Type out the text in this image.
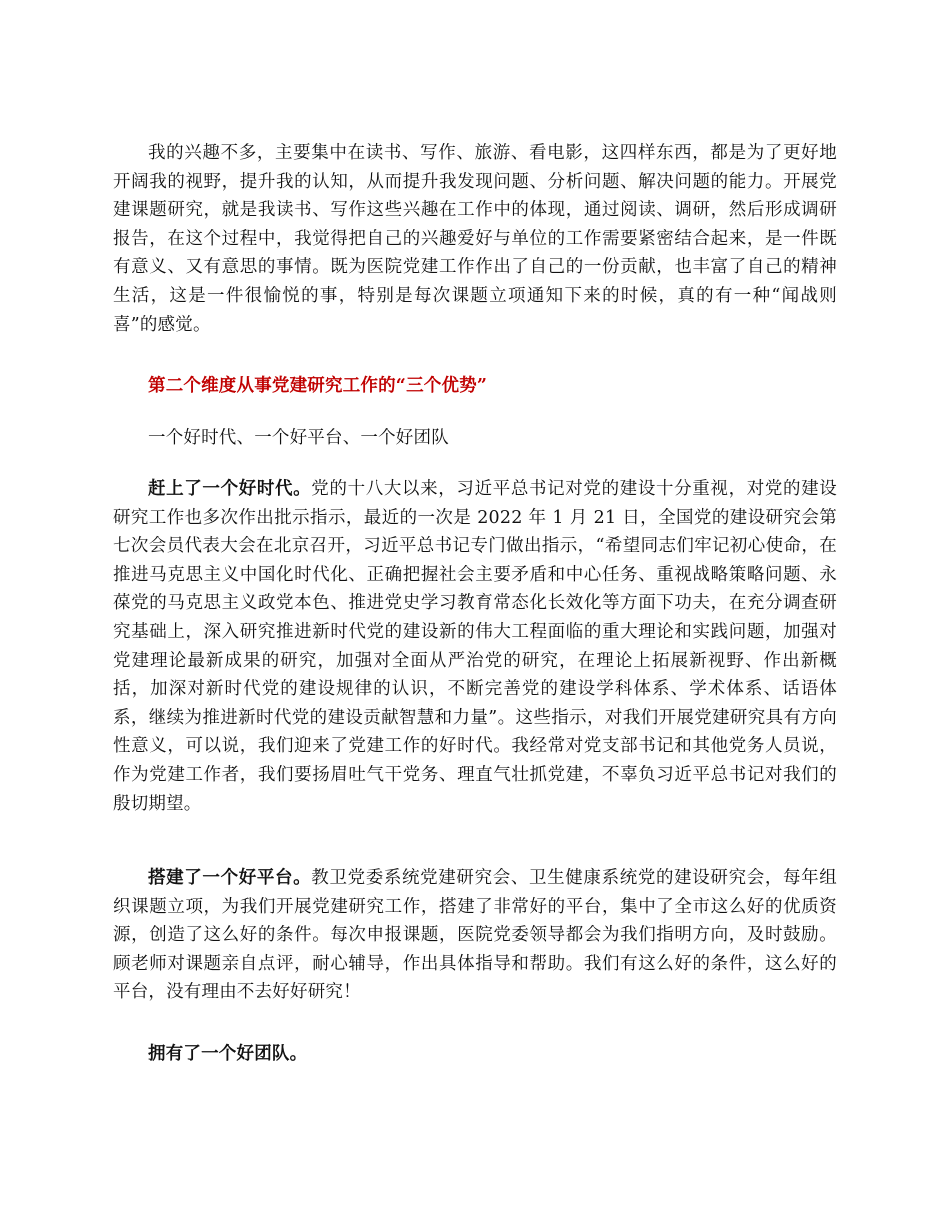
我的兴趣不多，主要集中在读书、写作、旅游、看电影，这四样东西，都是为了更好地开阔我的视野，提升我的认知，从而提升我发现问题、分析问题、解决问题的能力。开展党建课题研究，就是我读书、写作这些兴趣在工作中的体现，通过阅读、调研，然后形成调研报告，在这个过程中，我觉得把自己的兴趣爱好与单位的工作需要紧密结合起来，是一件既有意义、又有意思的事情。既为医院党建工作作出了自己的一份贡献，也丰富了自己的精神生活，这是一件很愉悦的事，特别是每次课题立项通知下来的时候，真的有一种“闻战则喜”的感觉。

第二个维度从事党建研究工作的“三个优势”

一个好时代、一个好平台、一个好团队

赶上了一个好时代。党的十八大以来，习近平总书记对党的建设十分重视，对党的建设研究工作也多次作出批示指示，最近的一次是 2022 年 1 月 21 日，全国党的建设研究会第七次会员代表大会在北京召开，习近平总书记专门做出指示，“希望同志们牢记初心使命，在推进马克思主义中国化时代化、正确把握社会主要矛盾和中心任务、重视战略策略问题、永葆党的马克思主义政党本色、推进党史学习教育常态化长效化等方面下功夫，在充分调查研究基础上，深入研究推进新时代党的建设新的伟大工程面临的重大理论和实践问题，加强对党建理论最新成果的研究，加强对全面从严治党的研究，在理论上拓展新视野、作出新概括，加深对新时代党的建设规律的认识，不断完善党的建设学科体系、学术体系、话语体系，继续为推进新时代党的建设贡献智慧和力量”。这些指示，对我们开展党建研究具有方向性意义，可以说，我们迎来了党建工作的好时代。我经常对党支部书记和其他党务人员说，作为党建工作者，我们要扬眉吐气干党务、理直气壮抓党建，不辜负习近平总书记对我们的殷切期望。

搭建了一个好平台。教卫党委系统党建研究会、卫生健康系统党的建设研究会，每年组织课题立项，为我们开展党建研究工作，搭建了非常好的平台，集中了全市这么好的优质资源，创造了这么好的条件。每次申报课题，医院党委领导都会为我们指明方向，及时鼓励。顾老师对课题亲自点评，耐心辅导，作出具体指导和帮助。我们有这么好的条件，这么好的平台，没有理由不去好好研究！

拥有了一个好团队。
